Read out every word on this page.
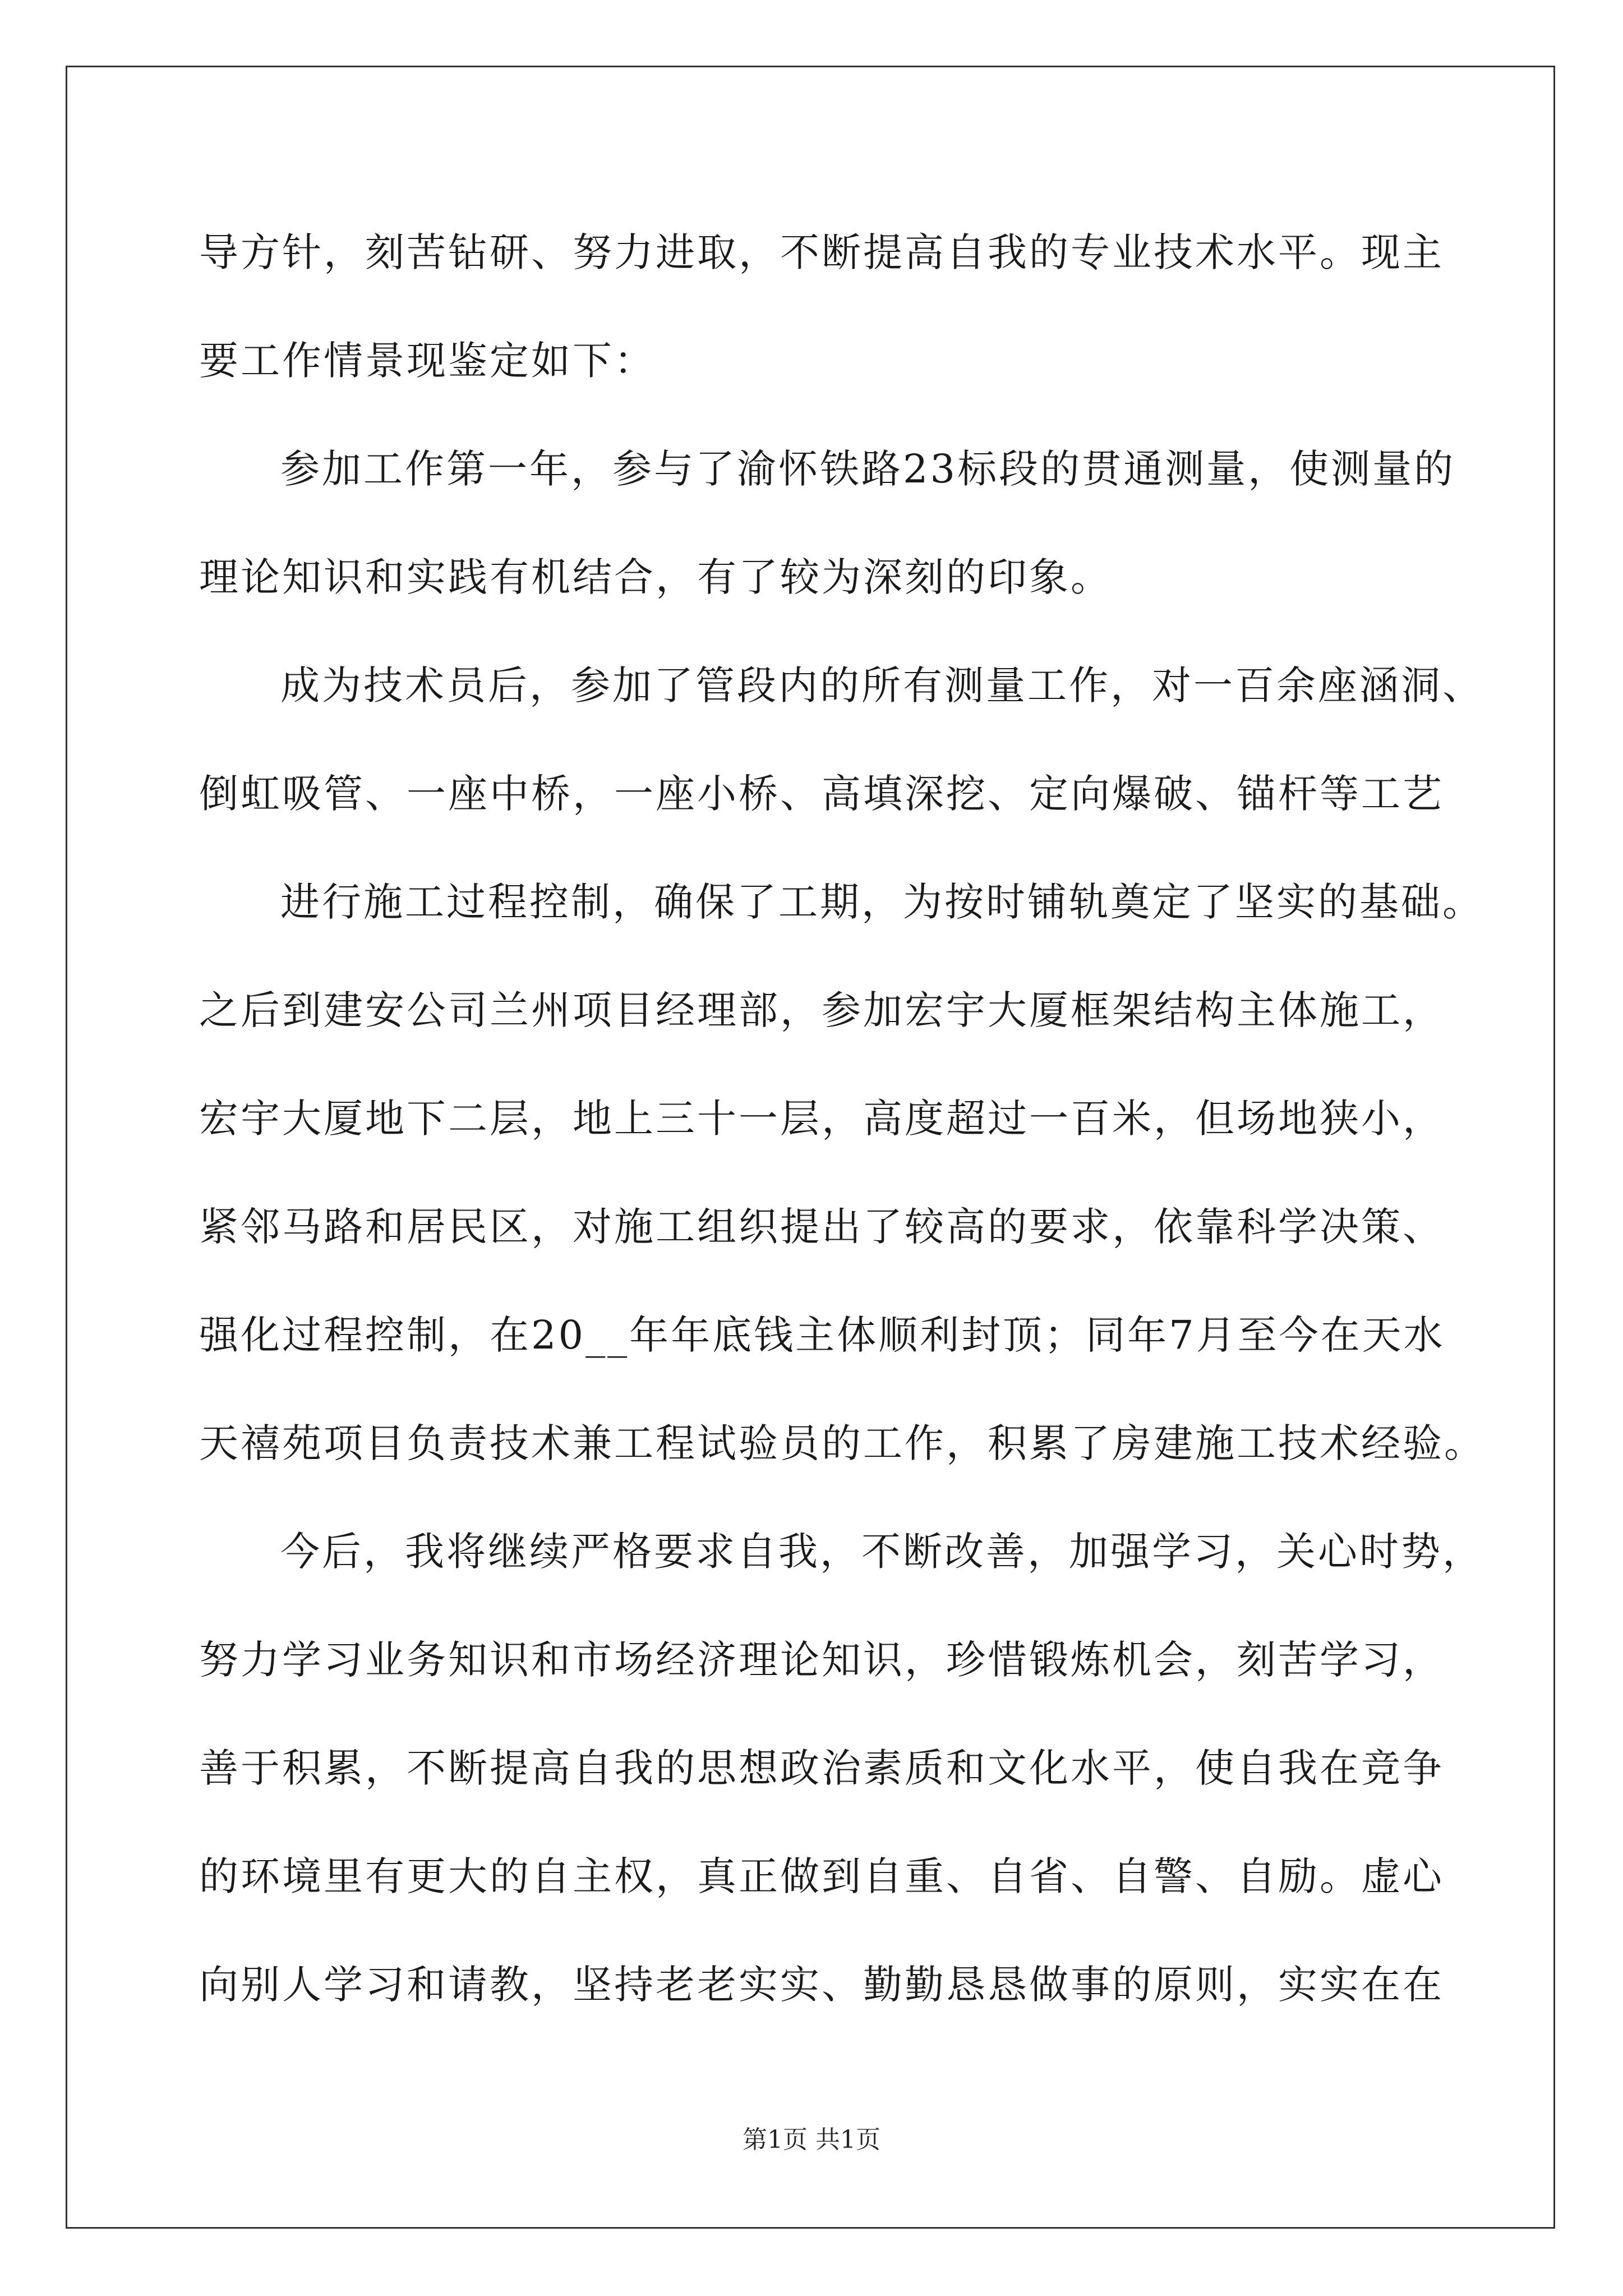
导方针，刻苦钻研、努力进取，不断提高自我的专业技术水平。现主
要工作情景现鉴定如下：
参加工作第一年，参与了渝怀铁路23标段的贯通测量，使测量的
理论知识和实践有机结合，有了较为深刻的印象。
成为技术员后，参加了管段内的所有测量工作，对一百余座涵洞、
倒虹吸管、一座中桥，一座小桥、高填深挖、定向爆破、锚杆等工艺
进行施工过程控制，确保了工期，为按时铺轨奠定了坚实的基础。
之后到建安公司兰州项目经理部，参加宏宇大厦框架结构主体施工，
宏宇大厦地下二层，地上三十一层，高度超过一百米，但场地狭小，
紧邻马路和居民区，对施工组织提出了较高的要求，依靠科学决策、
强化过程控制，在20__年年底钱主体顺利封顶；同年7月至今在天水
天禧苑项目负责技术兼工程试验员的工作，积累了房建施工技术经验。
今后，我将继续严格要求自我，不断改善，加强学习，关心时势，
努力学习业务知识和市场经济理论知识，珍惜锻炼机会，刻苦学习，
善于积累，不断提高自我的思想政治素质和文化水平，使自我在竞争
的环境里有更大的自主权，真正做到自重、自省、自警、自励。虚心
向别人学习和请教，坚持老老实实、勤勤恳恳做事的原则，实实在在
第1页 共1页
